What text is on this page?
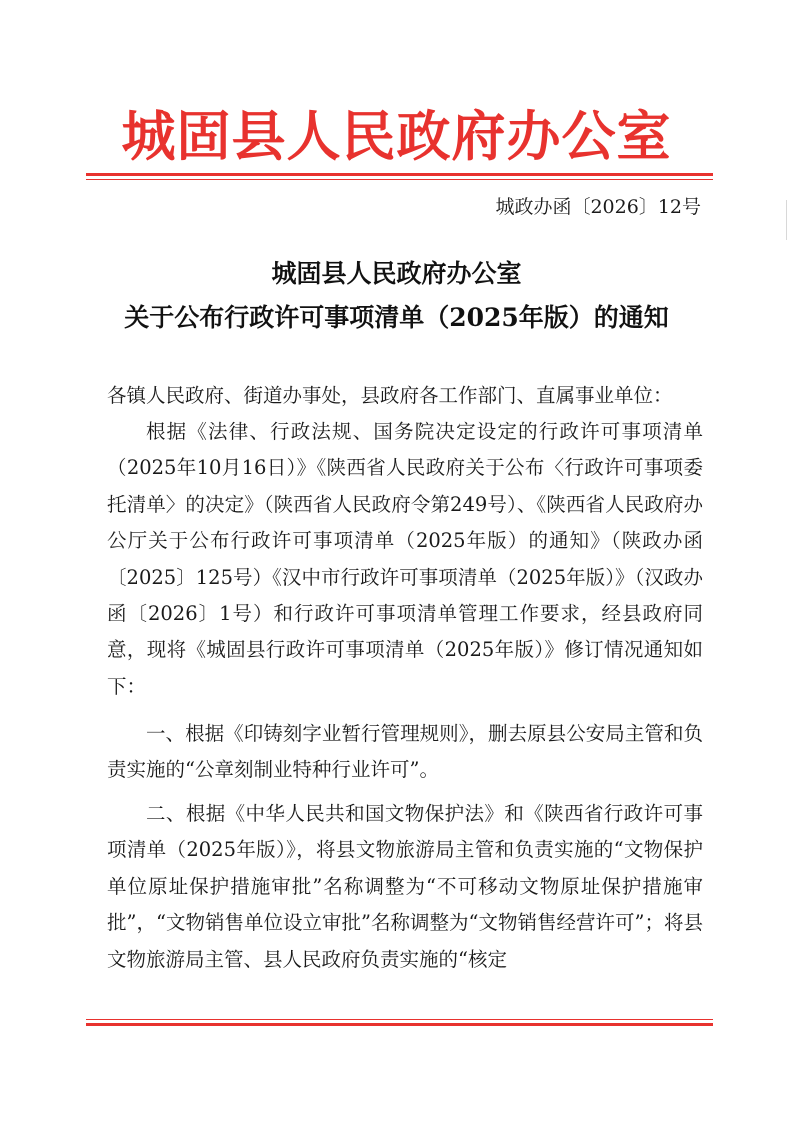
城固县人民政府办公室
城政办函〔2026〕12号
城固县人民政府办公室
关于公布行政许可事项清单（2025年版）的通知
各镇人民政府、街道办事处，县政府各工作部门、直属事业单位：

根据《法律、行政法规、国务院决定设定的行政许可事项清单（2025年10月16日）》《陕西省人民政府关于公布〈行政许可事项委托清单〉的决定》（陕西省人民政府令第249号）、《陕西省人民政府办公厅关于公布行政许可事项清单（2025年版）的通知》（陕政办函〔2025〕125号）《汉中市行政许可事项清单（2025年版）》（汉政办函〔2026〕1号）和行政许可事项清单管理工作要求，经县政府同意，现将《城固县行政许可事项清单（2025年版）》修订情况通知如下：

一、根据《印铸刻字业暂行管理规则》，删去原县公安局主管和负责实施的“公章刻制业特种行业许可”。

二、根据《中华人民共和国文物保护法》和《陕西省行政许可事项清单（2025年版）》，将县文物旅游局主管和负责实施的“文物保护单位原址保护措施审批”名称调整为“不可移动文物原址保护措施审批”，“文物销售单位设立审批”名称调整为“文物销售经营许可”；将县文物旅游局主管、县人民政府负责实施的“核定
